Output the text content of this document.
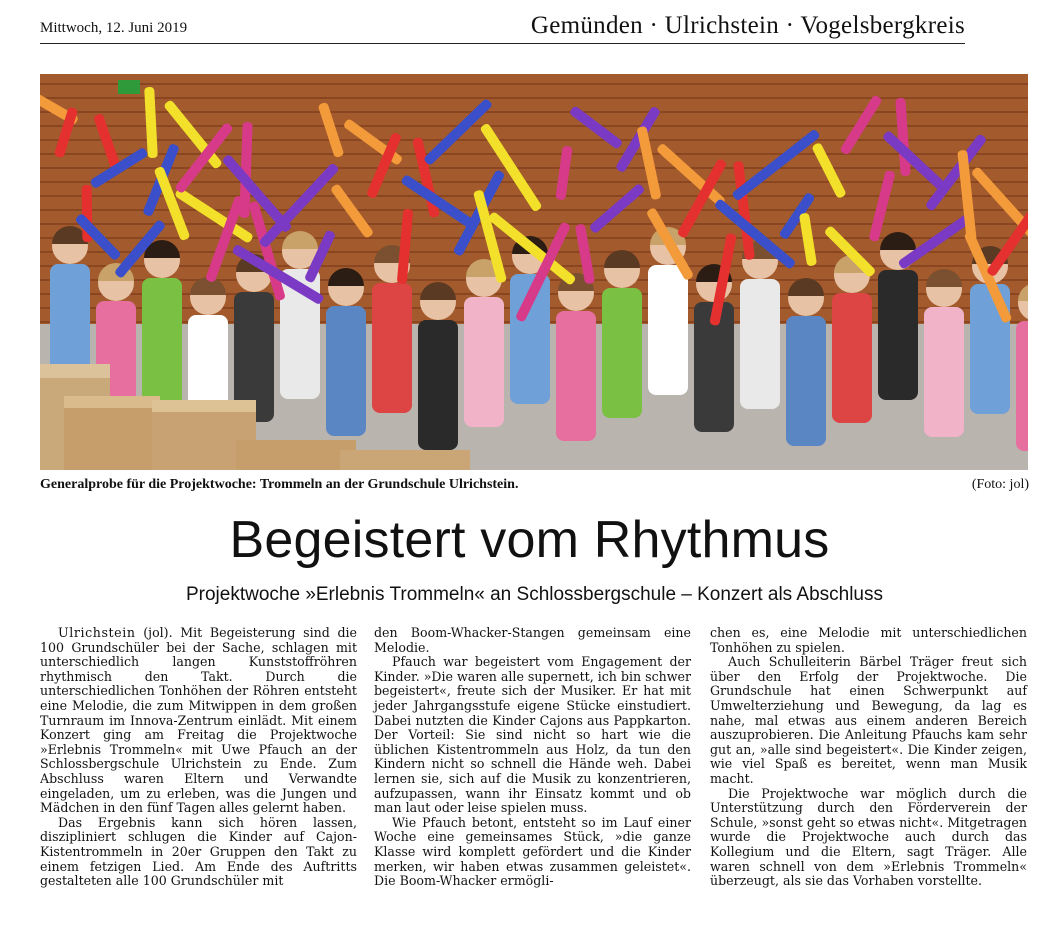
Mittwoch, 12. Juni 2019	Gemünden · Ulrichstein · Vogelsbergkreis
Generalprobe für die Projektwoche: Trommeln an der Grundschule Ulrichstein.	(Foto: jol)
Begeistert vom Rhythmus
Projektwoche »Erlebnis Trommeln« an Schlossbergschule – Konzert als Abschluss

Ulrichstein (jol). Mit Begeisterung sind die 100 Grundschüler bei der Sache, schlagen mit unterschiedlich langen Kunststoffröhren rhythmisch den Takt. Durch die unterschiedlichen Tonhöhen der Röhren entsteht eine Melodie, die zum Mitwippen in dem großen Turnraum im Innova-Zentrum einlädt. Mit einem Konzert ging am Freitag die Projektwoche »Erlebnis Trommeln« mit Uwe Pfauch an der Schlossbergschule Ulrichstein zu Ende. Zum Abschluss waren Eltern und Verwandte eingeladen, um zu erleben, was die Jungen und Mädchen in den fünf Tagen alles gelernt haben.

Das Ergebnis kann sich hören lassen, diszipliniert schlugen die Kinder auf Cajon-Kistentrommeln in 20er Gruppen den Takt zu einem fetzigen Lied. Am Ende des Auftritts gestalteten alle 100 Grundschüler mit

den Boom-Whacker-Stangen gemeinsam eine Melodie.

Pfauch war begeistert vom Engagement der Kinder. »Die waren alle supernett, ich bin schwer begeistert«, freute sich der Musiker. Er hat mit jeder Jahrgangsstufe eigene Stücke einstudiert. Dabei nutzten die Kinder Cajons aus Pappkarton. Der Vorteil: Sie sind nicht so hart wie die üblichen Kistentrommeln aus Holz, da tun den Kindern nicht so schnell die Hände weh. Dabei lernen sie, sich auf die Musik zu konzentrieren, aufzupassen, wann ihr Einsatz kommt und ob man laut oder leise spielen muss.

Wie Pfauch betont, entsteht so im Lauf einer Woche eine gemeinsames Stück, »die ganze Klasse wird komplett gefördert und die Kinder merken, wir haben etwas zusammen geleistet«. Die Boom-Whacker ermögli-

chen es, eine Melodie mit unterschiedlichen Tonhöhen zu spielen.

Auch Schulleiterin Bärbel Träger freut sich über den Erfolg der Projektwoche. Die Grundschule hat einen Schwerpunkt auf Umwelterziehung und Bewegung, da lag es nahe, mal etwas aus einem anderen Bereich auszuprobieren. Die Anleitung Pfauchs kam sehr gut an, »alle sind begeistert«. Die Kinder zeigen, wie viel Spaß es bereitet, wenn man Musik macht.

Die Projektwoche war möglich durch die Unterstützung durch den Förderverein der Schule, »sonst geht so etwas nicht«. Mitgetragen wurde die Projektwoche auch durch das Kollegium und die Eltern, sagt Träger. Alle waren schnell von dem »Erlebnis Trommeln« überzeugt, als sie das Vorhaben vorstellte.
